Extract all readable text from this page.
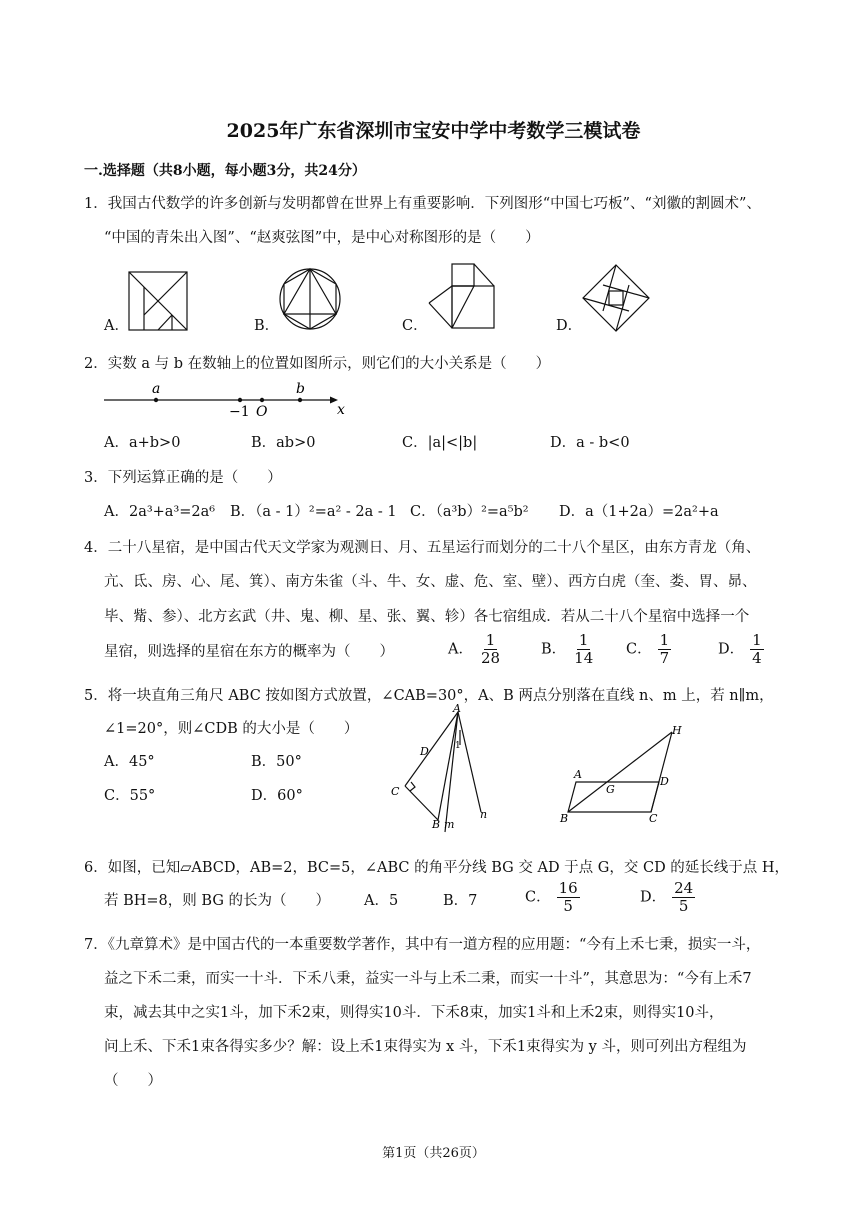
2025年广东省深圳市宝安中学中考数学三模试卷
一.选择题（共8小题，每小题3分，共24分）
1．我国古代数学的许多创新与发明都曾在世界上有重要影响．下列图形“中国七巧板”、“刘徽的割圆术”、
“中国的青朱出入图”、“赵爽弦图”中，是中心对称图形的是（　　）
A．	B．	C．	D．
2．实数 a 与 b 在数轴上的位置如图所示，则它们的大小关系是（　　）
a	b
−1 O	x
A．a+b>0	B．ab>0	C．|a|<|b|	D．a - b<0
3．下列运算正确的是（　　）
A．2a³+a³=2a⁶ B．（a - 1）²=a² - 2a - 1 C．（a³b）²=a⁵b² D．a（1+2a）=2a²+a
4．二十八星宿，是中国古代天文学家为观测日、月、五星运行而划分的二十八个星区，由东方青龙（角、
亢、氐、房、心、尾、箕）、南方朱雀（斗、牛、女、虚、危、室、壁）、西方白虎（奎、娄、胃、昴、
毕、觜、参）、北方玄武（井、鬼、柳、星、张、翼、轸）各七宿组成．若从二十八个星宿中选择一个
星宿，则选择的星宿在东方的概率为（　　）	A． $\frac{1}{28}$	B． $\frac{1}{14}$ C． $\frac{1}{7}$	D． $\frac{1}{4}$
5．将一块直角三角尺 ABC 按如图方式放置，∠CAB=30°，A、B 两点分别落在直线 n、m 上，若 n∥m，
∠1=20°，则∠CDB 的大小是（　　）
A．45°	B．50°
C．55°	D．60°
A
D
C
B m
n
1
A
D
G
B	C
H
6．如图，已知▱ABCD，AB=2，BC=5，∠ABC 的角平分线 BG 交 AD 于点 G，交 CD 的延长线于点 H，
若 BH=8，则 BG 的长为（　　） A．5	B．7	C． $\frac{16}{5}$	D． $\frac{24}{5}$
7．《九章算术》是中国古代的一本重要数学著作，其中有一道方程的应用题：“今有上禾七秉，损实一斗，
益之下禾二秉，而实一十斗．下禾八秉，益实一斗与上禾二秉，而实一十斗”，其意思为：“今有上禾7
束，减去其中之实1斗，加下禾2束，则得实10斗．下禾8束，加实1斗和上禾2束，则得实10斗，
问上禾、下禾1束各得实多少？解：设上禾1束得实为 x 斗，下禾1束得实为 y 斗，则可列出方程组为
（　　）
第1页（共26页）
